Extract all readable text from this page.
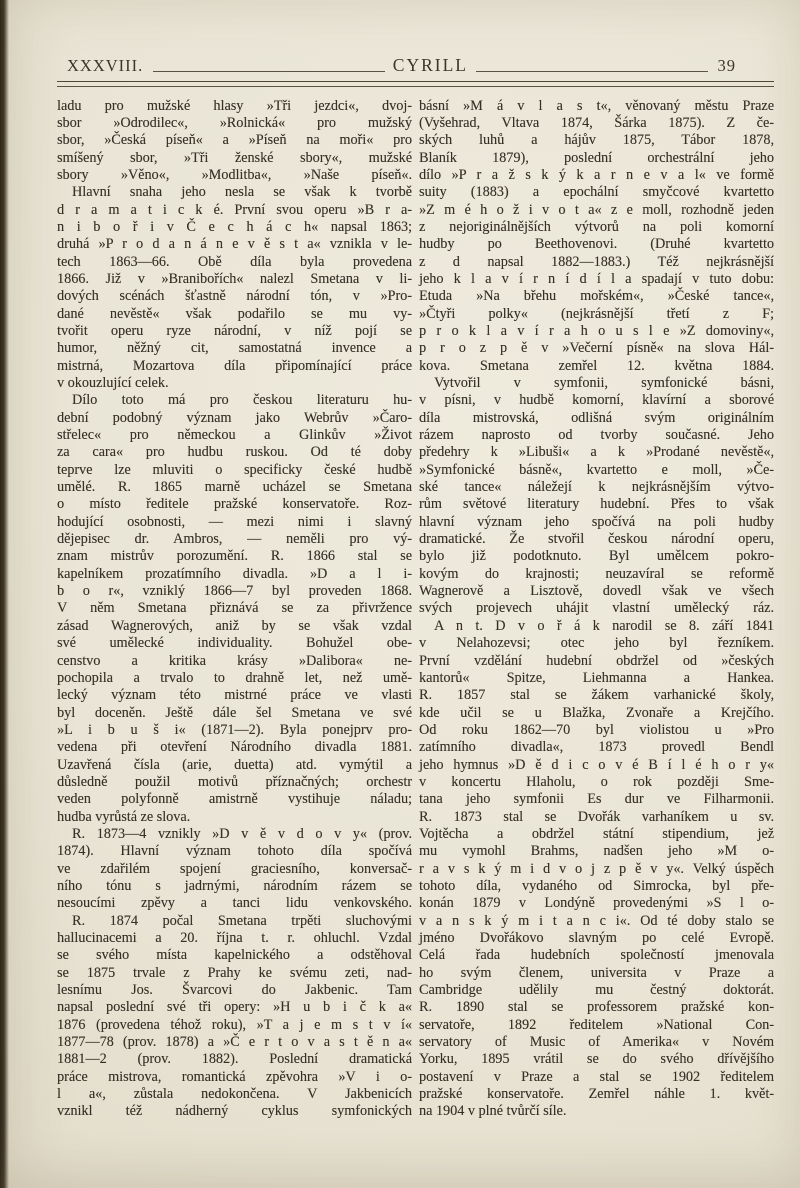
XXXVIII.	CYRILL	39
ladu pro mužské hlasy »Tři jezdci«, dvoj-
sbor »Odrodilec«, »Rolnická« pro mužský
sbor, »Česká píseň« a »Píseň na moři« pro
smíšený sbor, »Tři ženské sbory«, mužské
sbory »Věno«, »Modlitba«, »Naše píseň«.
Hlavní snaha jeho nesla se však k tvorbě
d r a m a t i c k é. První svou operu »B r a-
n i b o ř i v Č e c h á c h« napsal 1863;
druhá »P r o d a n á n e v ě s t a« vznikla v le-
tech 1863—66. Obě díla byla provedena
1866. Již v »Branibořích« nalezl Smetana v li-
dových scénách šťastně národní tón, v »Pro-
dané nevěstě« však podařilo se mu vy-
tvořit operu ryze národní, v níž pojí se
humor, něžný cit, samostatná invence a
mistrná, Mozartova díla připomínající práce
v okouzlující celek.
Dílo toto má pro českou literaturu hu-
dební podobný význam jako Webrův »Čaro-
střelec« pro německou a Glinkův »Život
za cara« pro hudbu ruskou. Od té doby
teprve lze mluviti o specificky české hudbě
umělé. R. 1865 marně ucházel se Smetana
o místo ředitele pražské konservatoře. Roz-
hodující osobnosti, — mezi nimi i slavný
dějepisec dr. Ambros, — neměli pro vý-
znam mistrův porozumění. R. 1866 stal se
kapelníkem prozatímního divadla. »D a l i-
b o r«, vzniklý 1866—7 byl proveden 1868.
V něm Smetana přiznává se za přivržence
zásad Wagnerových, aniž by se však vzdal
své umělecké individuality. Bohužel obe-
censtvo a kritika krásy »Dalibora« ne-
pochopila a trvalo to drahně let, než umě-
lecký význam této mistrné práce ve vlasti
byl doceněn. Ještě dále šel Smetana ve své
»L i b u š i« (1871—2). Byla ponejprv pro-
vedena při otevření Národního divadla 1881.
Uzavřená čísla (arie, duetta) atd. vymýtil a
důsledně použil motivů příznačných; orchestr
veden polyfonně amistrně vystihuje náladu;
hudba vyrůstá ze slova.
R. 1873—4 vznikly »D v ě v d o v y« (prov.
1874). Hlavní význam tohoto díla spočívá
ve zdařilém spojení graciesního, konversač-
ního tónu s jadrnými, národním rázem se
nesoucími zpěvy a tanci lidu venkovského.
R. 1874 počal Smetana trpěti sluchovými
hallucinacemi a 20. října t. r. ohluchl. Vzdal
se svého místa kapelnického a odstěhoval
se 1875 trvale z Prahy ke svému zeti, nad-
lesnímu Jos. Švarcovi do Jakbenic. Tam
napsal poslední své tři opery: »H u b i č k a«
1876 (provedena téhož roku), »T a j e m s t v í«
1877—78 (prov. 1878) a »Č e r t o v a s t ě n a«
1881—2 (prov. 1882). Poslední dramatická
práce mistrova, romantická zpěvohra »V i o-
l a«, zůstala nedokončena. V Jakbenicích
vznikl též nádherný cyklus symfonických
básní »M á v l a s t«, věnovaný městu Praze
(Vyšehrad, Vltava 1874, Šárka 1875). Z če-
ských luhů a hájův 1875, Tábor 1878,
Blaník 1879), poslední orchestrální jeho
dílo »P r a ž s k ý k a r n e v a l« ve formě
suity (1883) a epochální smyčcové kvartetto
»Z m é h o ž i v o t a« z e moll, rozhodně jeden
z nejoriginálnějších výtvorů na poli komorní
hudby po Beethovenovi. (Druhé kvartetto
z d napsal 1882—1883.) Též nejkrásnější
jeho k l a v í r n í d í l a spadají v tuto dobu:
Etuda »Na břehu mořském«, »České tance«,
»Čtyři polky« (nejkrásnější třetí z F;
p r o k l a v í r a h o u s l e »Z domoviny«,
p r o z p ě v »Večerní písně« na slova Hál-
kova. Smetana zemřel 12. května 1884.
Vytvořil v symfonii, symfonické básni,
v písni, v hudbě komorní, klavírní a sborové
díla mistrovská, odlišná svým originálním
rázem naprosto od tvorby současné. Jeho
předehry k »Libuši« a k »Prodané nevěstě«,
»Symfonické básně«, kvartetto e moll, »Če-
ské tance« náležejí k nejkrásnějším výtvo-
rům světové literatury hudební. Přes to však
hlavní význam jeho spočívá na poli hudby
dramatické. Že stvořil českou národní operu,
bylo již podotknuto. Byl umělcem pokro-
kovým do krajnosti; neuzavíral se reformě
Wagnerově a Lisztově, dovedl však ve všech
svých projevech uhájit vlastní umělecký ráz.
A n t. D v o ř á k narodil se 8. září 1841
v Nelahozevsi; otec jeho byl řezníkem.
První vzdělání hudební obdržel od »českých
kantorů« Spitze, Liehmanna a Hankea.
R. 1857 stal se žákem varhanické školy,
kde učil se u Blažka, Zvonaře a Krejčího.
Od roku 1862—70 byl violistou u »Pro
zatímního divadla«, 1873 provedl Bendl
jeho hymnus »D ě d i c o v é B í l é h o r y«
v koncertu Hlaholu, o rok později Sme-
tana jeho symfonii Es dur ve Filharmonii.
R. 1873 stal se Dvořák varhaníkem u sv.
Vojtěcha a obdržel státní stipendium, jež
mu vymohl Brahms, nadšen jeho »M o-
r a v s k ý m i d v o j z p ě v y«. Velký úspěch
tohoto díla, vydaného od Simrocka, byl pře-
konán 1879 v Londýně provedenými »S l o-
v a n s k ý m i t a n c i«. Od té doby stalo se
jméno Dvořákovo slavným po celé Evropě.
Celá řada hudebních společností jmenovala
ho svým členem, universita v Praze a
Cambridge udělily mu čestný doktorát.
R. 1890 stal se professorem pražské kon-
servatoře, 1892 ředitelem »National Con-
servatory of Music of Amerika« v Novém
Yorku, 1895 vrátil se do svého dřívějšího
postavení v Praze a stal se 1902 ředitelem
pražské konservatoře. Zemřel náhle 1. květ-
na 1904 v plné tvůrčí síle.
